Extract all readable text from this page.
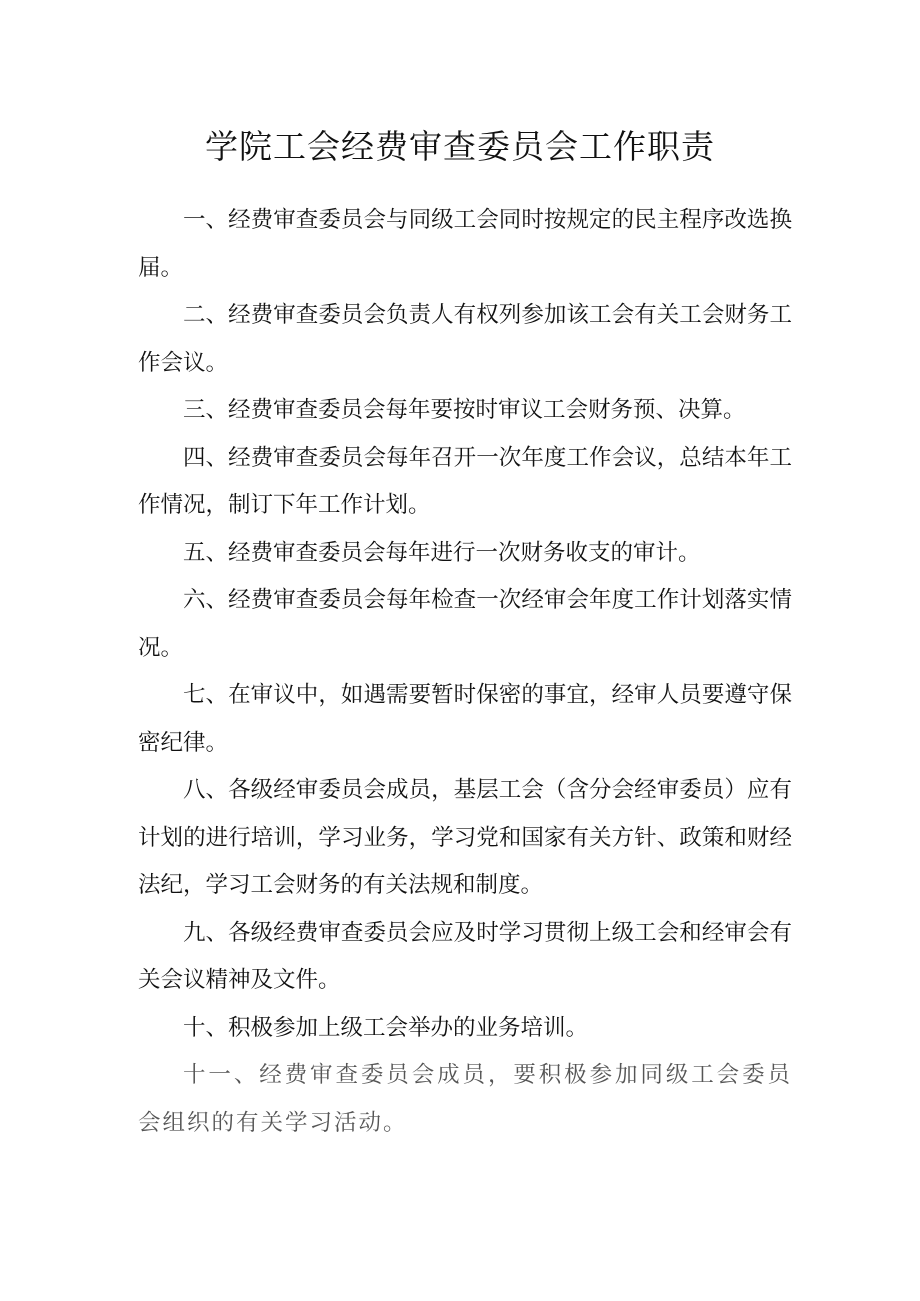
学院工会经费审查委员会工作职责

一、经费审查委员会与同级工会同时按规定的民主程序改选换届。

二、经费审查委员会负责人有权列参加该工会有关工会财务工作会议。

三、经费审查委员会每年要按时审议工会财务预、决算。

四、经费审查委员会每年召开一次年度工作会议，总结本年工作情况，制订下年工作计划。

五、经费审查委员会每年进行一次财务收支的审计。

六、经费审查委员会每年检查一次经审会年度工作计划落实情况。

七、在审议中，如遇需要暂时保密的事宜，经审人员要遵守保密纪律。

八、各级经审委员会成员，基层工会（含分会经审委员）应有计划的进行培训，学习业务，学习党和国家有关方针、政策和财经法纪，学习工会财务的有关法规和制度。

九、各级经费审查委员会应及时学习贯彻上级工会和经审会有关会议精神及文件。

十、积极参加上级工会举办的业务培训。

十一、经费审查委员会成员，要积极参加同级工会委员会组织的有关学习活动。
